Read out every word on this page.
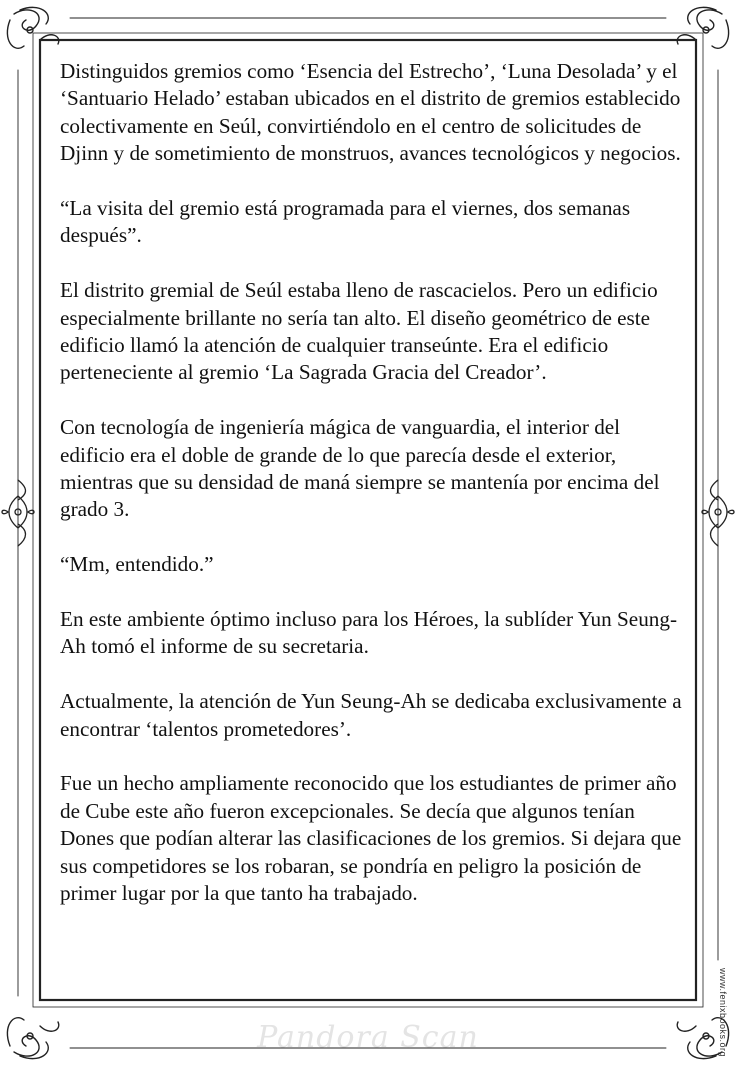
Distinguidos gremios como ‘Esencia del Estrecho’, ‘Luna Desolada’ y el ‘Santuario Helado’ estaban ubicados en el distrito de gremios establecido colectivamente en Seúl, convirtiéndolo en el centro de solicitudes de Djinn y de sometimiento de monstruos, avances tecnológicos y negocios.

“La visita del gremio está programada para el viernes, dos semanas después”.

El distrito gremial de Seúl estaba lleno de rascacielos. Pero un edificio especialmente brillante no sería tan alto. El diseño geométrico de este edificio llamó la atención de cualquier transeúnte. Era el edificio perteneciente al gremio ‘La Sagrada Gracia del Creador’.

Con tecnología de ingeniería mágica de vanguardia, el interior del edificio era el doble de grande de lo que parecía desde el exterior, mientras que su densidad de maná siempre se mantenía por encima del grado 3.

“Mm, entendido.”

En este ambiente óptimo incluso para los Héroes, la sublíder Yun Seung-Ah tomó el informe de su secretaria.

Actualmente, la atención de Yun Seung-Ah se dedicaba exclusivamente a encontrar ‘talentos prometedores’.

Fue un hecho ampliamente reconocido que los estudiantes de primer año de Cube este año fueron excepcionales. Se decía que algunos tenían Dones que podían alterar las clasificaciones de los gremios. Si dejara que sus competidores se los robaran, se pondría en peligro la posición de primer lugar por la que tanto ha trabajado.

www.fenixbooks.org
Pandora Scan
